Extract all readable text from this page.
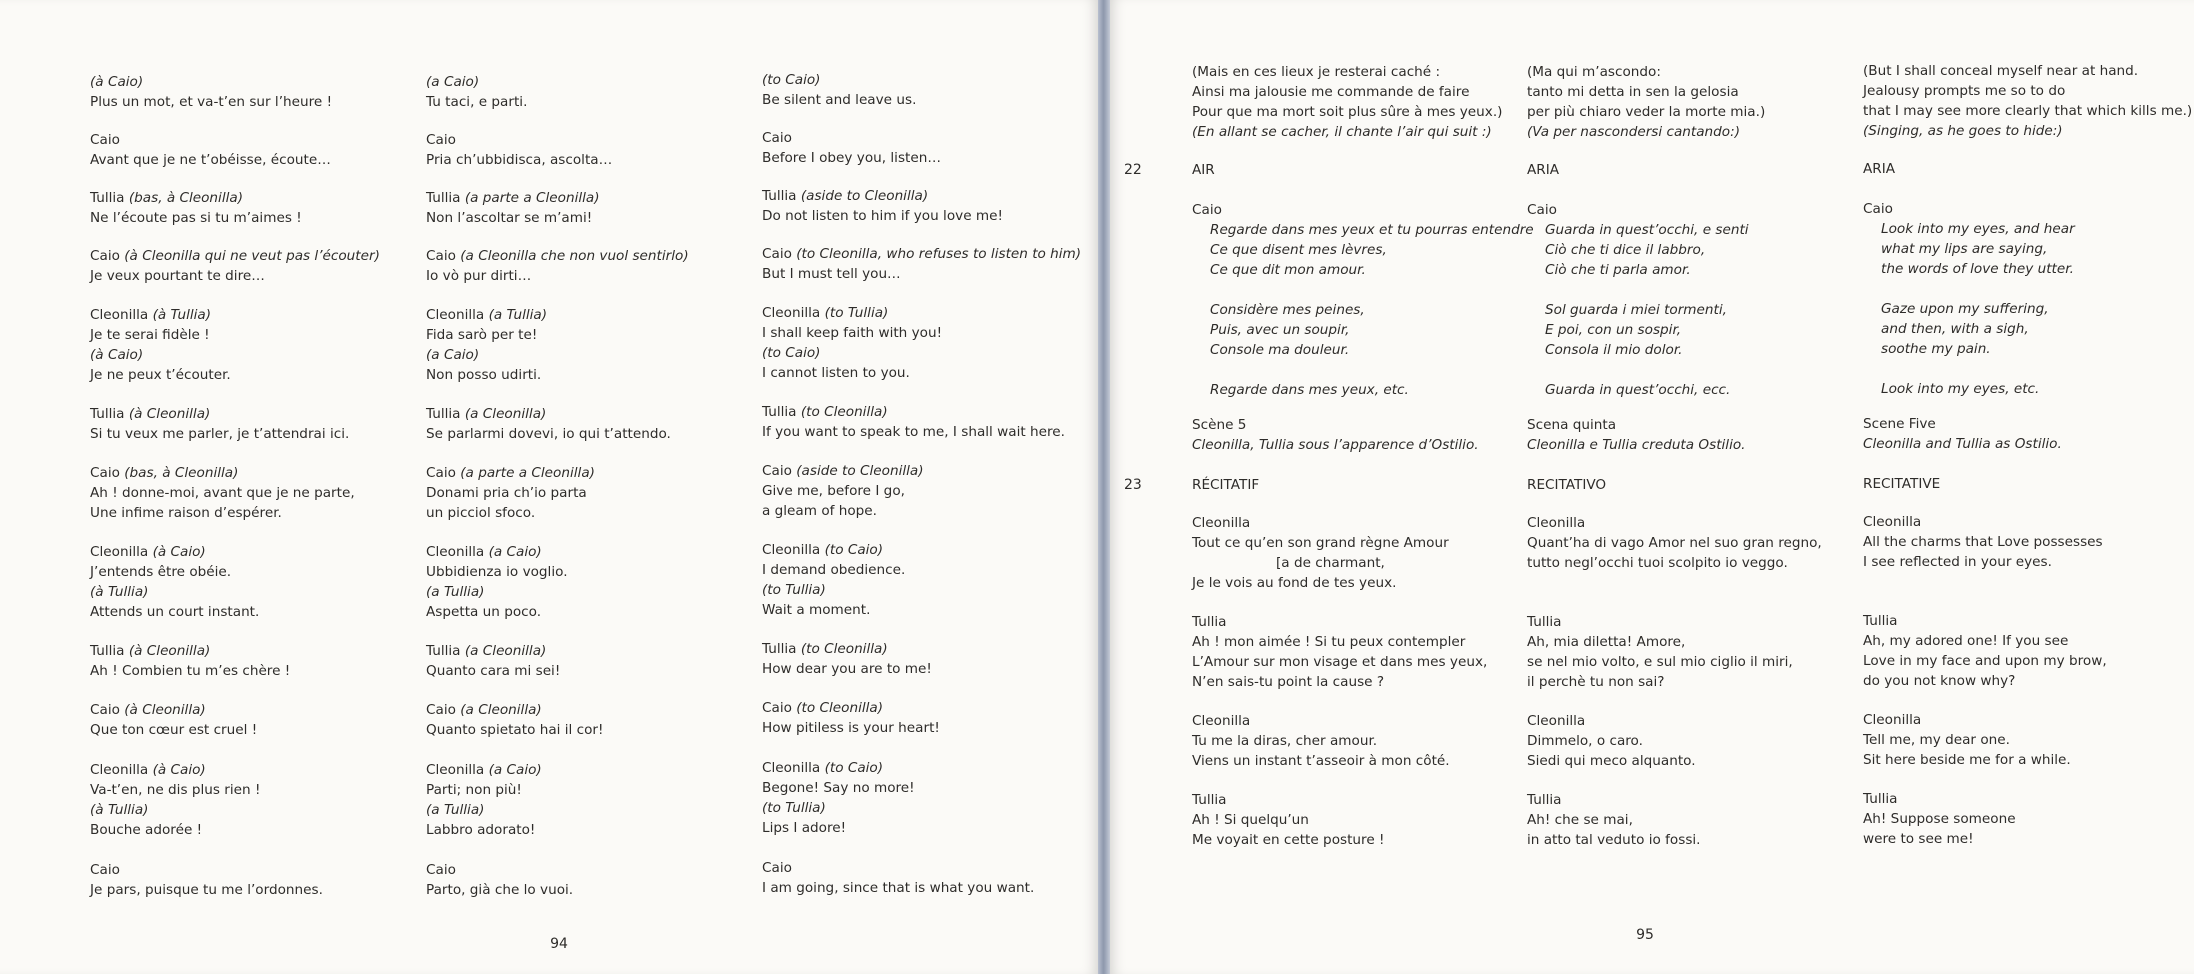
(à Caio)
Plus un mot, et va-t’en sur l’heure !
Caio
Avant que je ne t’obéisse, écoute…
Tullia (bas, à Cleonilla)
Ne l’écoute pas si tu m’aimes !
Caio (à Cleonilla qui ne veut pas l’écouter)
Je veux pourtant te dire…
Cleonilla (à Tullia)
Je te serai fidèle !
(à Caio)
Je ne peux t’écouter.
Tullia (à Cleonilla)
Si tu veux me parler, je t’attendrai ici.
Caio (bas, à Cleonilla)
Ah ! donne-moi, avant que je ne parte,
Une infime raison d’espérer.
Cleonilla (à Caio)
J’entends être obéie.
(à Tullia)
Attends un court instant.
Tullia (à Cleonilla)
Ah ! Combien tu m’es chère !
Caio (à Cleonilla)
Que ton cœur est cruel !
Cleonilla (à Caio)
Va-t’en, ne dis plus rien !
(à Tullia)
Bouche adorée !
Caio
Je pars, puisque tu me l’ordonnes.
(a Caio)
Tu taci, e parti.
Caio
Pria ch’ubbidisca, ascolta…
Tullia (a parte a Cleonilla)
Non l’ascoltar se m’ami!
Caio (a Cleonilla che non vuol sentirlo)
Io vò pur dirti…
Cleonilla (a Tullia)
Fida sarò per te!
(a Caio)
Non posso udirti.
Tullia (a Cleonilla)
Se parlarmi dovevi, io qui t’attendo.
Caio (a parte a Cleonilla)
Donami pria ch’io parta
un picciol sfoco.
Cleonilla (a Caio)
Ubbidienza io voglio.
(a Tullia)
Aspetta un poco.
Tullia (a Cleonilla)
Quanto cara mi sei!
Caio (a Cleonilla)
Quanto spietato hai il cor!
Cleonilla (a Caio)
Parti; non più!
(a Tullia)
Labbro adorato!
Caio
Parto, già che lo vuoi.
(to Caio)
Be silent and leave us.
Caio
Before I obey you, listen…
Tullia (aside to Cleonilla)
Do not listen to him if you love me!
Caio (to Cleonilla, who refuses to listen to him)
But I must tell you…
Cleonilla (to Tullia)
I shall keep faith with you!
(to Caio)
I cannot listen to you.
Tullia (to Cleonilla)
If you want to speak to me, I shall wait here.
Caio (aside to Cleonilla)
Give me, before I go,
a gleam of hope.
Cleonilla (to Caio)
I demand obedience.
(to Tullia)
Wait a moment.
Tullia (to Cleonilla)
How dear you are to me!
Caio (to Cleonilla)
How pitiless is your heart!
Cleonilla (to Caio)
Begone! Say no more!
(to Tullia)
Lips I adore!
Caio
I am going, since that is what you want.
94
22
23
(Mais en ces lieux je resterai caché :
Ainsi ma jalousie me commande de faire
Pour que ma mort soit plus sûre à mes yeux.)
(En allant se cacher, il chante l’air qui suit :)
AIR
Caio
Regarde dans mes yeux et tu pourras entendre
Ce que disent mes lèvres,
Ce que dit mon amour.
Considère mes peines,
Puis, avec un soupir,
Console ma douleur.
Regarde dans mes yeux, etc.
Scène 5
Cleonilla, Tullia sous l’apparence d’Ostilio.
RÉCITATIF
Cleonilla
Tout ce qu’en son grand règne Amour
[a de charmant,
Je le vois au fond de tes yeux.
Tullia
Ah ! mon aimée ! Si tu peux contempler
L’Amour sur mon visage et dans mes yeux,
N’en sais-tu point la cause ?
Cleonilla
Tu me la diras, cher amour.
Viens un instant t’asseoir à mon côté.
Tullia
Ah ! Si quelqu’un
Me voyait en cette posture !
(Ma qui m’ascondo:
tanto mi detta in sen la gelosia
per più chiaro veder la morte mia.)
(Va per nascondersi cantando:)
ARIA
Caio
Guarda in quest’occhi, e senti
Ciò che ti dice il labbro,
Ciò che ti parla amor.
Sol guarda i miei tormenti,
E poi, con un sospir,
Consola il mio dolor.
Guarda in quest’occhi, ecc.
Scena quinta
Cleonilla e Tullia creduta Ostilio.
RECITATIVO
Cleonilla
Quant’ha di vago Amor nel suo gran regno,
tutto negl’occhi tuoi scolpito io veggo.
Tullia
Ah, mia diletta! Amore,
se nel mio volto, e sul mio ciglio il miri,
il perchè tu non sai?
Cleonilla
Dimmelo, o caro.
Siedi qui meco alquanto.
Tullia
Ah! che se mai,
in atto tal veduto io fossi.
(But I shall conceal myself near at hand.
Jealousy prompts me so to do
that I may see more clearly that which kills me.)
(Singing, as he goes to hide:)
ARIA
Caio
Look into my eyes, and hear
what my lips are saying,
the words of love they utter.
Gaze upon my suffering,
and then, with a sigh,
soothe my pain.
Look into my eyes, etc.
Scene Five
Cleonilla and Tullia as Ostilio.
RECITATIVE
Cleonilla
All the charms that Love possesses
I see reflected in your eyes.
Tullia
Ah, my adored one! If you see
Love in my face and upon my brow,
do you not know why?
Cleonilla
Tell me, my dear one.
Sit here beside me for a while.
Tullia
Ah! Suppose someone
were to see me!
95
